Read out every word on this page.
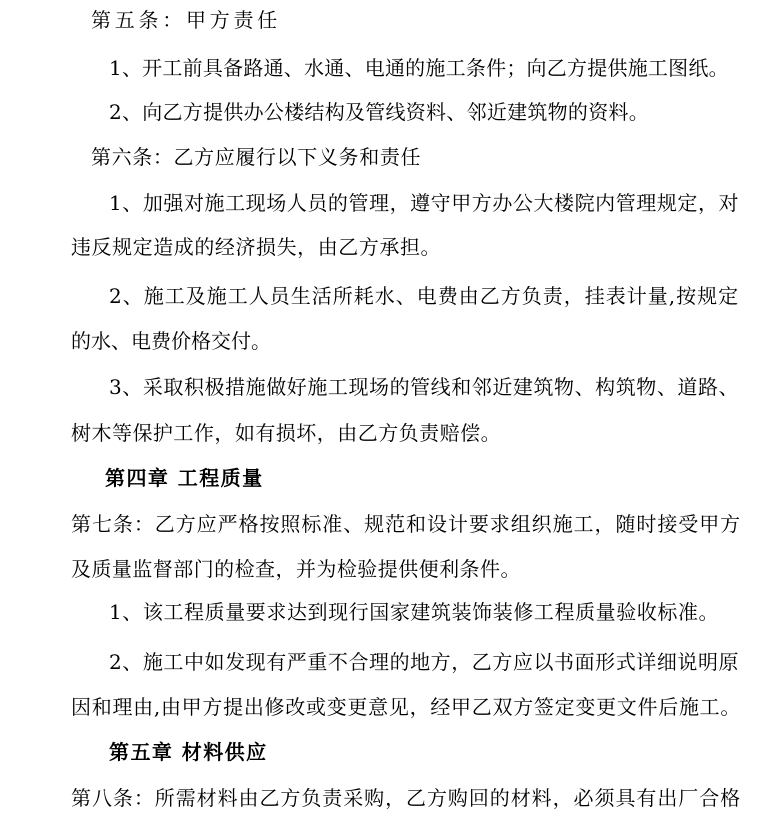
第五条：甲方责任
1、开工前具备路通、水通、电通的施工条件；向乙方提供施工图纸。
2、向乙方提供办公楼结构及管线资料、邻近建筑物的资料。
第六条：乙方应履行以下义务和责任
1、加强对施工现场人员的管理，遵守甲方办公大楼院内管理规定，对
违反规定造成的经济损失，由乙方承担。
2、施工及施工人员生活所耗水、电费由乙方负责，挂表计量,按规定
的水、电费价格交付。
3、采取积极措施做好施工现场的管线和邻近建筑物、构筑物、道路、
树木等保护工作，如有损坏，由乙方负责赔偿。
第四章 工程质量
第七条：乙方应严格按照标准、规范和设计要求组织施工，随时接受甲方
及质量监督部门的检查，并为检验提供便利条件。
1、该工程质量要求达到现行国家建筑装饰装修工程质量验收标准。
2、施工中如发现有严重不合理的地方，乙方应以书面形式详细说明原
因和理由,由甲方提出修改或变更意见，经甲乙双方签定变更文件后施工。
第五章 材料供应
第八条：所需材料由乙方负责采购，乙方购回的材料，必须具有出厂合格
